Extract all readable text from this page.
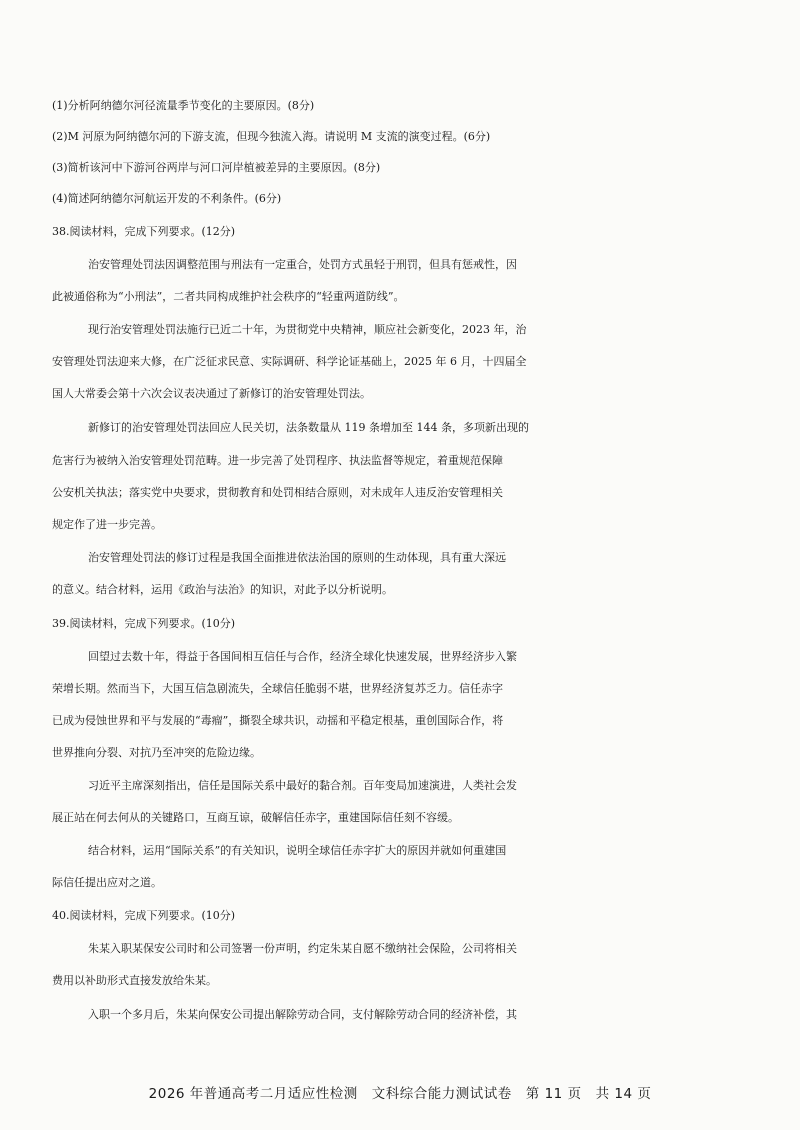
(1)分析阿纳德尔河径流量季节变化的主要原因。(8分)
(2)M 河原为阿纳德尔河的下游支流，但现今独流入海。请说明 M 支流的演变过程。(6分)
(3)简析该河中下游河谷两岸与河口河岸植被差异的主要原因。(8分)
(4)简述阿纳德尔河航运开发的不利条件。(6分)
38.阅读材料，完成下列要求。(12分)
治安管理处罚法因调整范围与刑法有一定重合，处罚方式虽轻于刑罚，但具有惩戒性，因
此被通俗称为“小刑法”，二者共同构成维护社会秩序的“轻重两道防线”。
现行治安管理处罚法施行已近二十年，为贯彻党中央精神，顺应社会新变化，2023 年，治
安管理处罚法迎来大修，在广泛征求民意、实际调研、科学论证基础上，2025 年 6 月，十四届全
国人大常委会第十六次会议表决通过了新修订的治安管理处罚法。
新修订的治安管理处罚法回应人民关切，法条数量从 119 条增加至 144 条，多项新出现的
危害行为被纳入治安管理处罚范畴。进一步完善了处罚程序、执法监督等规定，着重规范保障
公安机关执法；落实党中央要求，贯彻教育和处罚相结合原则，对未成年人违反治安管理相关
规定作了进一步完善。
治安管理处罚法的修订过程是我国全面推进依法治国的原则的生动体现，具有重大深远
的意义。结合材料，运用《政治与法治》的知识，对此予以分析说明。
39.阅读材料，完成下列要求。(10分)
回望过去数十年，得益于各国间相互信任与合作，经济全球化快速发展，世界经济步入繁
荣增长期。然而当下，大国互信急剧流失，全球信任脆弱不堪，世界经济复苏乏力。信任赤字
已成为侵蚀世界和平与发展的“毒瘤”，撕裂全球共识，动摇和平稳定根基，重创国际合作，将
世界推向分裂、对抗乃至冲突的危险边缘。
习近平主席深刻指出，信任是国际关系中最好的黏合剂。百年变局加速演进，人类社会发
展正站在何去何从的关键路口，互商互谅，破解信任赤字，重建国际信任刻不容缓。
结合材料，运用“国际关系”的有关知识，说明全球信任赤字扩大的原因并就如何重建国
际信任提出应对之道。
40.阅读材料，完成下列要求。(10分)
朱某入职某保安公司时和公司签署一份声明，约定朱某自愿不缴纳社会保险，公司将相关
费用以补助形式直接发放给朱某。
入职一个多月后，朱某向保安公司提出解除劳动合同，支付解除劳动合同的经济补偿，其
2026 年普通高考二月适应性检测　文科综合能力测试试卷　第 11 页　共 14 页
